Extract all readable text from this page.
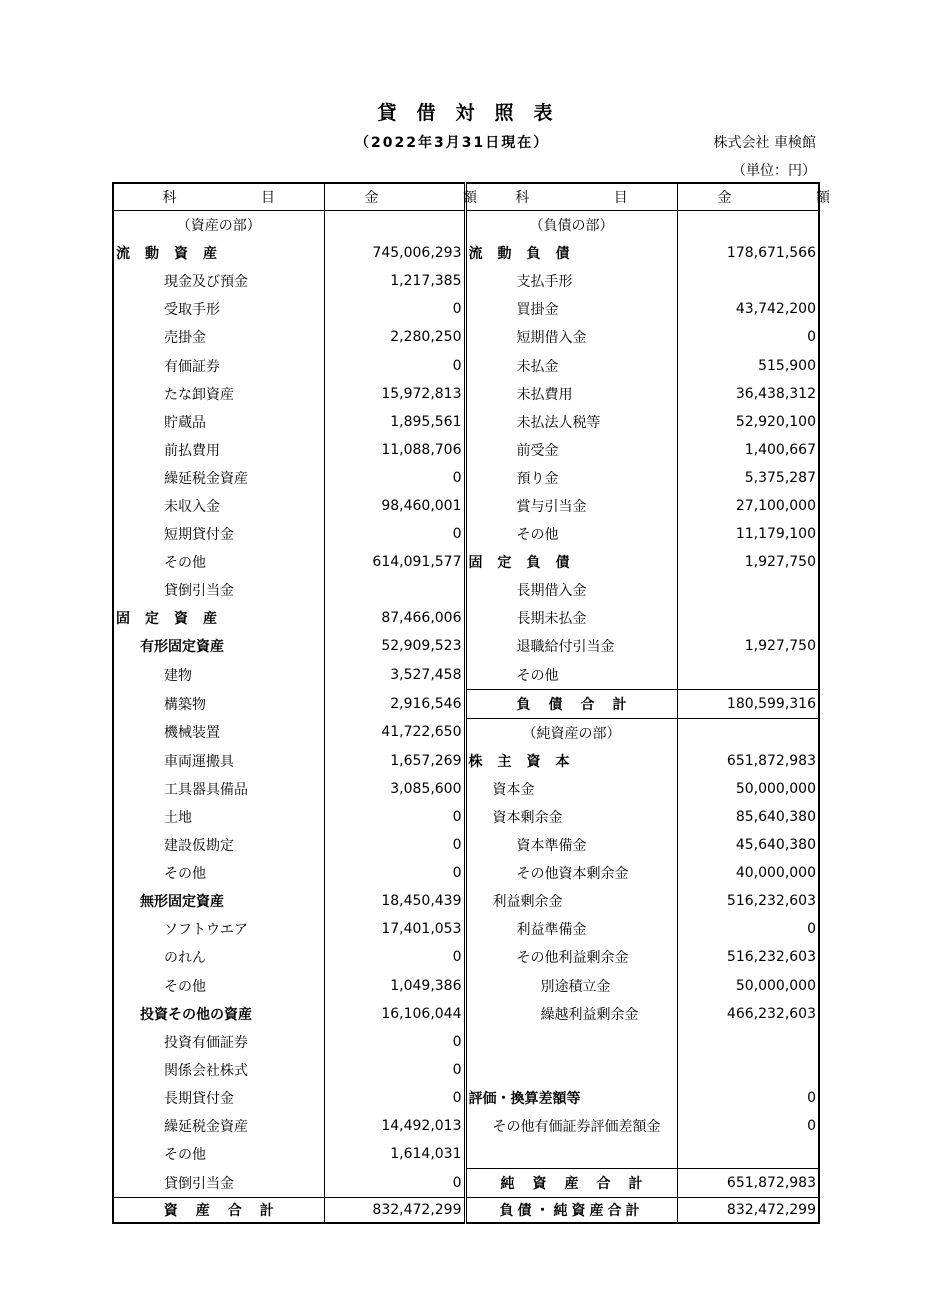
貸借対照表
（2022年3月31日現在）	株式会社 車検館
（単位：円）
科 目	金 額	科 目	金 額
（資産の部）		（負債の部）	
流動資産	745,006,293	流動負債	178,671,566
現金及び預金	1,217,385	支払手形	
受取手形	0	買掛金	43,742,200
売掛金	2,280,250	短期借入金	0
有価証券	0	未払金	515,900
たな卸資産	15,972,813	未払費用	36,438,312
貯蔵品	1,895,561	未払法人税等	52,920,100
前払費用	11,088,706	前受金	1,400,667
繰延税金資産	0	預り金	5,375,287
未収入金	98,460,001	賞与引当金	27,100,000
短期貸付金	0	その他	11,179,100
その他	614,091,577	固定負債	1,927,750
貸倒引当金		長期借入金	
固定資産	87,466,006	長期未払金	
有形固定資産	52,909,523	退職給付引当金	1,927,750
建物	3,527,458	その他	
構築物	2,916,546	負債合計	180,599,316
機械装置	41,722,650	（純資産の部）	
車両運搬具	1,657,269	株主資本	651,872,983
工具器具備品	3,085,600	資本金	50,000,000
土地	0	資本剰余金	85,640,380
建設仮勘定	0	資本準備金	45,640,380
その他	0	その他資本剰余金	40,000,000
無形固定資産	18,450,439	利益剰余金	516,232,603
ソフトウエア	17,401,053	利益準備金	0
のれん	0	その他利益剰余金	516,232,603
その他	1,049,386	別途積立金	50,000,000
投資その他の資産	16,106,044	繰越利益剰余金	466,232,603
投資有価証券	0		
関係会社株式	0		
長期貸付金	0	評価・換算差額等	0
繰延税金資産	14,492,013	その他有価証券評価差額金	0
その他	1,614,031		
貸倒引当金	0	純資産合計	651,872,983
資産合計	832,472,299	負債・純資産合計	832,472,299
